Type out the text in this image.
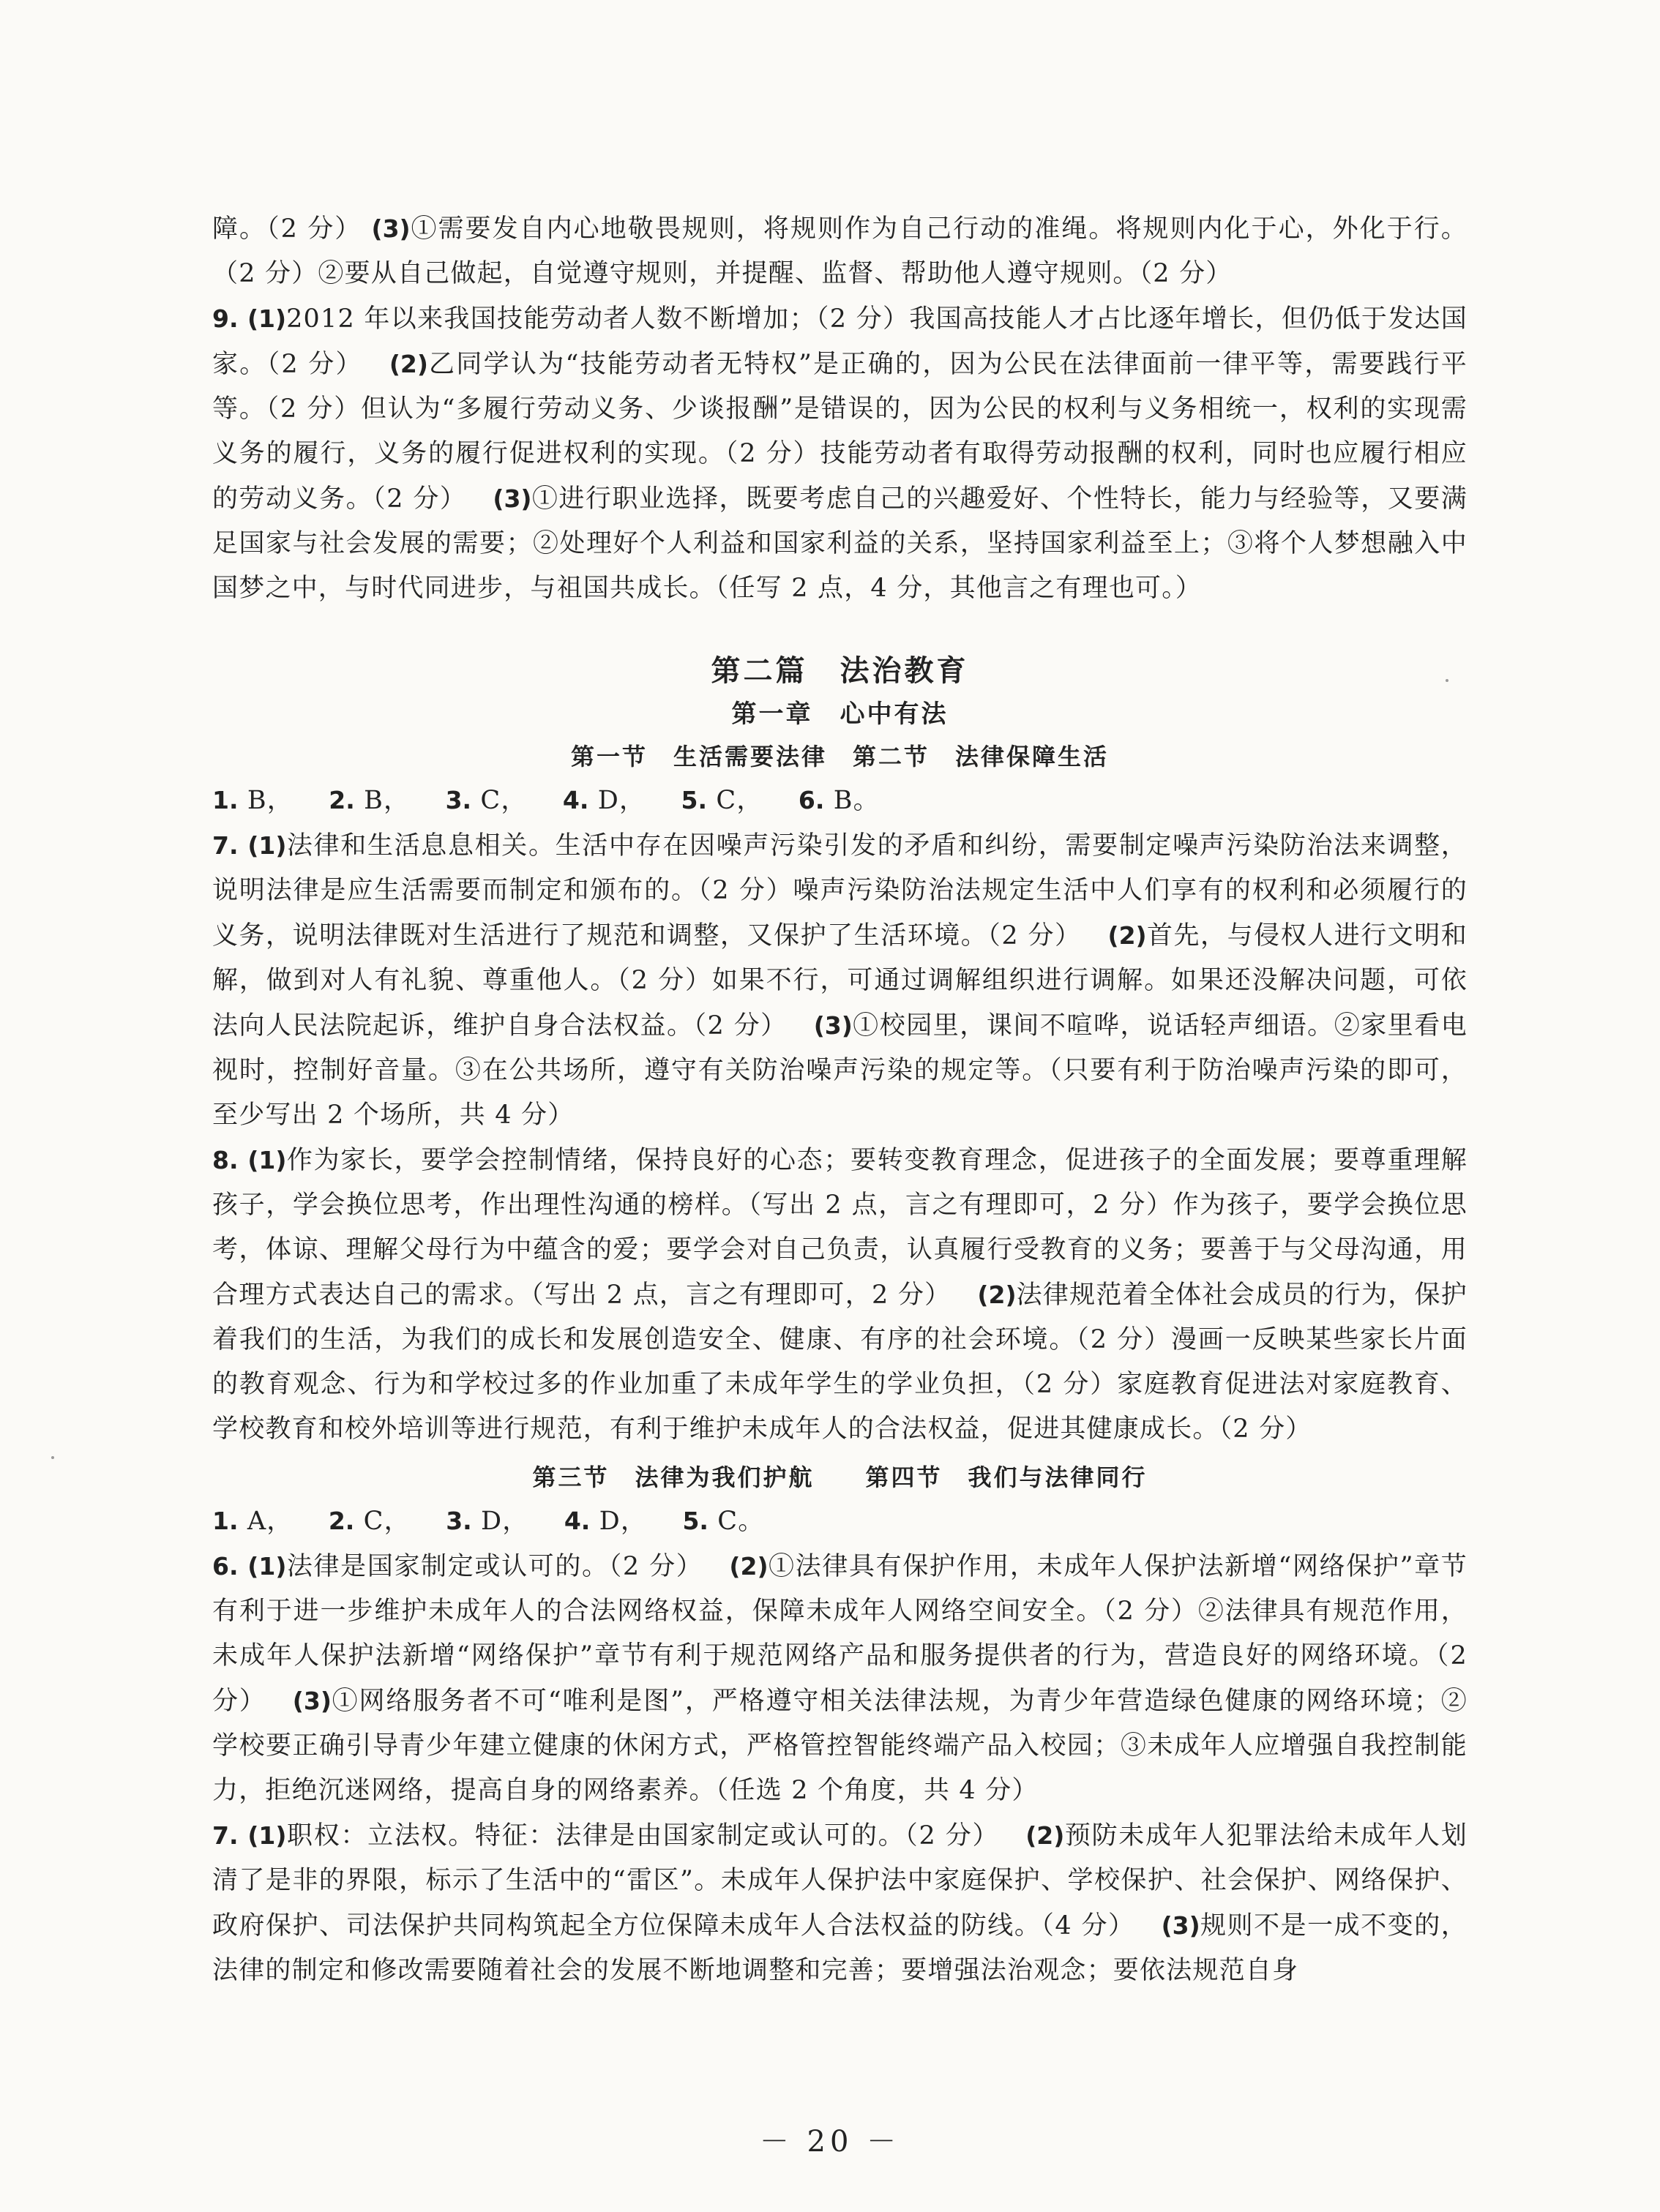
障。（2 分） (3)①需要发自内心地敬畏规则，将规则作为自己行动的准绳。将规则内化于心，外化于行。（2 分）②要从自己做起，自觉遵守规则，并提醒、监督、帮助他人遵守规则。（2 分）

9. (1)2012 年以来我国技能劳动者人数不断增加；（2 分）我国高技能人才占比逐年增长，但仍低于发达国家。（2 分） (2)乙同学认为“技能劳动者无特权”是正确的，因为公民在法律面前一律平等，需要践行平等。（2 分）但认为“多履行劳动义务、少谈报酬”是错误的，因为公民的权利与义务相统一，权利的实现需义务的履行，义务的履行促进权利的实现。（2 分）技能劳动者有取得劳动报酬的权利，同时也应履行相应的劳动义务。（2 分） (3)①进行职业选择，既要考虑自己的兴趣爱好、个性特长，能力与经验等，又要满足国家与社会发展的需要；②处理好个人利益和国家利益的关系，坚持国家利益至上；③将个人梦想融入中国梦之中，与时代同进步，与祖国共成长。（任写 2 点，4 分，其他言之有理也可。）

第二篇　法治教育
第一章　心中有法
第一节　生活需要法律　第二节　法律保障生活

1. B， 2. B， 3. C， 4. D， 5. C， 6. B。

7. (1)法律和生活息息相关。生活中存在因噪声污染引发的矛盾和纠纷，需要制定噪声污染防治法来调整，说明法律是应生活需要而制定和颁布的。（2 分）噪声污染防治法规定生活中人们享有的权利和必须履行的义务，说明法律既对生活进行了规范和调整，又保护了生活环境。（2 分） (2)首先，与侵权人进行文明和解，做到对人有礼貌、尊重他人。（2 分）如果不行，可通过调解组织进行调解。如果还没解决问题，可依法向人民法院起诉，维护自身合法权益。（2 分） (3)①校园里，课间不喧哗，说话轻声细语。②家里看电视时，控制好音量。③在公共场所，遵守有关防治噪声污染的规定等。（只要有利于防治噪声污染的即可，至少写出 2 个场所，共 4 分）

8. (1)作为家长，要学会控制情绪，保持良好的心态；要转变教育理念，促进孩子的全面发展；要尊重理解孩子，学会换位思考，作出理性沟通的榜样。（写出 2 点，言之有理即可，2 分）作为孩子，要学会换位思考，体谅、理解父母行为中蕴含的爱；要学会对自己负责，认真履行受教育的义务；要善于与父母沟通，用合理方式表达自己的需求。（写出 2 点，言之有理即可，2 分） (2)法律规范着全体社会成员的行为，保护着我们的生活，为我们的成长和发展创造安全、健康、有序的社会环境。（2 分）漫画一反映某些家长片面的教育观念、行为和学校过多的作业加重了未成年学生的学业负担，（2 分）家庭教育促进法对家庭教育、学校教育和校外培训等进行规范，有利于维护未成年人的合法权益，促进其健康成长。（2 分）

第三节　法律为我们护航　　第四节　我们与法律同行

1. A， 2. C， 3. D， 4. D， 5. C。

6. (1)法律是国家制定或认可的。（2 分） (2)①法律具有保护作用，未成年人保护法新增“网络保护”章节有利于进一步维护未成年人的合法网络权益，保障未成年人网络空间安全。（2 分）②法律具有规范作用，未成年人保护法新增“网络保护”章节有利于规范网络产品和服务提供者的行为，营造良好的网络环境。（2 分） (3)①网络服务者不可“唯利是图”，严格遵守相关法律法规，为青少年营造绿色健康的网络环境；②学校要正确引导青少年建立健康的休闲方式，严格管控智能终端产品入校园；③未成年人应增强自我控制能力，拒绝沉迷网络，提高自身的网络素养。（任选 2 个角度，共 4 分）

7. (1)职权：立法权。特征：法律是由国家制定或认可的。（2 分） (2)预防未成年人犯罪法给未成年人划清了是非的界限，标示了生活中的“雷区”。未成年人保护法中家庭保护、学校保护、社会保护、网络保护、政府保护、司法保护共同构筑起全方位保障未成年人合法权益的防线。（4 分） (3)规则不是一成不变的，法律的制定和修改需要随着社会的发展不断地调整和完善；要增强法治观念；要依法规范自身

－ 20 －
